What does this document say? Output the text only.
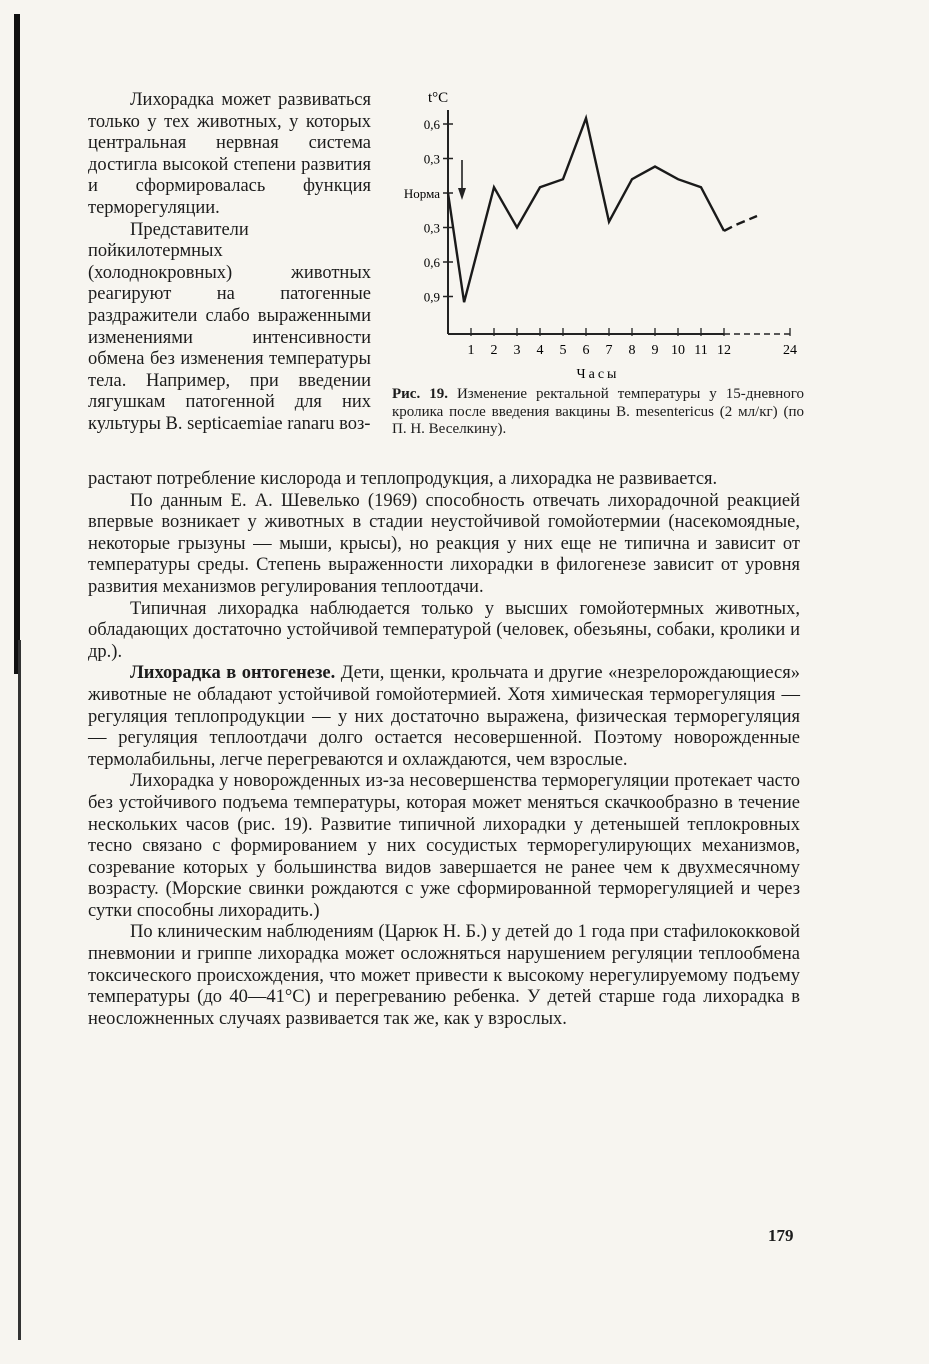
Лихорадка может развиваться только у тех животных, у которых центральная нервная система достигла высокой степени развития и сформировалась функция терморегуляции.

Представители пойкилотермных (холоднокровных) животных реагируют на патогенные раздражители слабо выраженными изменениями интенсивности обмена без изменения температуры тела. Например, при введении лягушкам патогенной для них культуры B. septicaemiae ranaru воз-

t°C
0,6
0,3
Норма
0,3
0,6
0,9
1 2 3 4 5 6 7 8 9 10 11 12	24
Часы

Рис. 19. Изменение ректальной температуры у 15-дневного кролика после введения вакцины B. mesentericus (2 мл/кг) (по П. Н. Веселкину).

растают потребление кислорода и теплопродукция, а лихорадка не развивается.

По данным Е. А. Шевелько (1969) способность отвечать лихорадочной реакцией впервые возникает у животных в стадии неустойчивой гомойотермии (насекомоядные, некоторые грызуны — мыши, крысы), но реакция у них еще не типична и зависит от температуры среды. Степень выраженности лихорадки в филогенезе зависит от уровня развития механизмов регулирования теплоотдачи.

Типичная лихорадка наблюдается только у высших гомойотермных животных, обладающих достаточно устойчивой температурой (человек, обезьяны, собаки, кролики и др.).

Лихорадка в онтогенезе. Дети, щенки, крольчата и другие «незрелорождающиеся» животные не обладают устойчивой гомойотермией. Хотя химическая терморегуляция — регуляция теплопродукции — у них достаточно выражена, физическая терморегуляция — регуляция теплоотдачи долго остается несовершенной. Поэтому новорожденные термолабильны, легче перегреваются и охлаждаются, чем взрослые.

Лихорадка у новорожденных из-за несовершенства терморегуляции протекает часто без устойчивого подъема температуры, которая может меняться скачкообразно в течение нескольких часов (рис. 19). Развитие типичной лихорадки у детенышей теплокровных тесно связано с формированием у них сосудистых терморегулирующих механизмов, созревание которых у большинства видов завершается не ранее чем к двухмесячному возрасту. (Морские свинки рождаются с уже сформированной терморегуляцией и через сутки способны лихорадить.)

По клиническим наблюдениям (Царюк Н. Б.) у детей до 1 года при стафилококковой пневмонии и гриппе лихорадка может осложняться нарушением регуляции теплообмена токсического происхождения, что может привести к высокому нерегулируемому подъему температуры (до 40—41°С) и перегреванию ребенка. У детей старше года лихорадка в неосложненных случаях развивается так же, как у взрослых.

179
